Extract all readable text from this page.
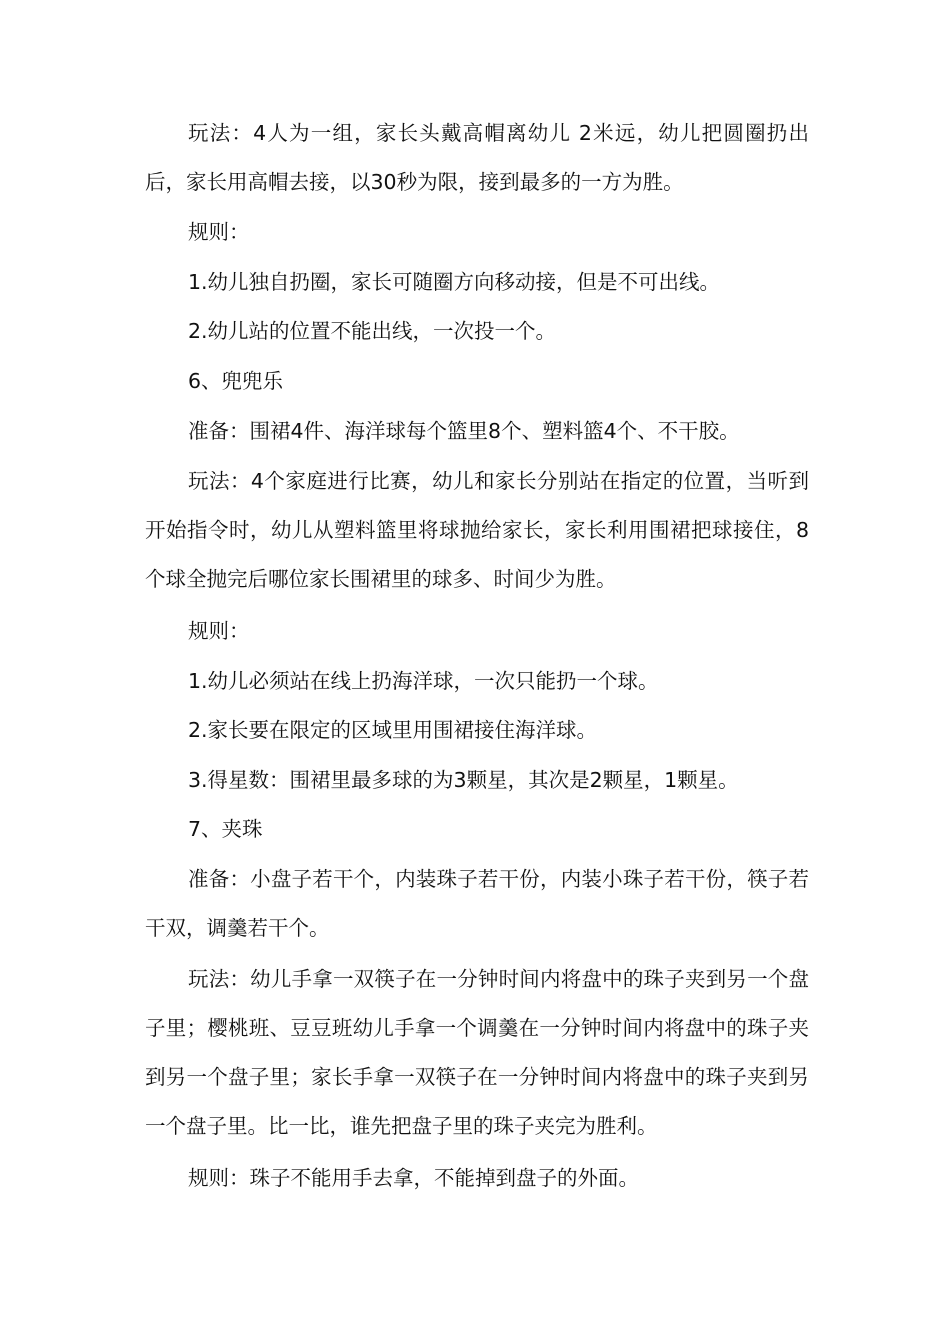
玩法：4人为一组，家长头戴高帽离幼儿 2米远，幼儿把圆圈扔出后，家长用高帽去接，以30秒为限，接到最多的一方为胜。

规则：

1.幼儿独自扔圈，家长可随圈方向移动接，但是不可出线。

2.幼儿站的位置不能出线，一次投一个。

6、兜兜乐

准备：围裙4件、海洋球每个篮里8个、塑料篮4个、不干胶。

玩法：4个家庭进行比赛，幼儿和家长分别站在指定的位置，当听到开始指令时，幼儿从塑料篮里将球抛给家长，家长利用围裙把球接住，8个球全抛完后哪位家长围裙里的球多、时间少为胜。

规则：

1.幼儿必须站在线上扔海洋球，一次只能扔一个球。

2.家长要在限定的区域里用围裙接住海洋球。

3.得星数：围裙里最多球的为3颗星，其次是2颗星，1颗星。

7、夹珠

准备：小盘子若干个，内装珠子若干份，内装小珠子若干份，筷子若干双，调羹若干个。

玩法：幼儿手拿一双筷子在一分钟时间内将盘中的珠子夹到另一个盘子里；樱桃班、豆豆班幼儿手拿一个调羹在一分钟时间内将盘中的珠子夹到另一个盘子里；家长手拿一双筷子在一分钟时间内将盘中的珠子夹到另一个盘子里。比一比，谁先把盘子里的珠子夹完为胜利。

规则：珠子不能用手去拿，不能掉到盘子的外面。
